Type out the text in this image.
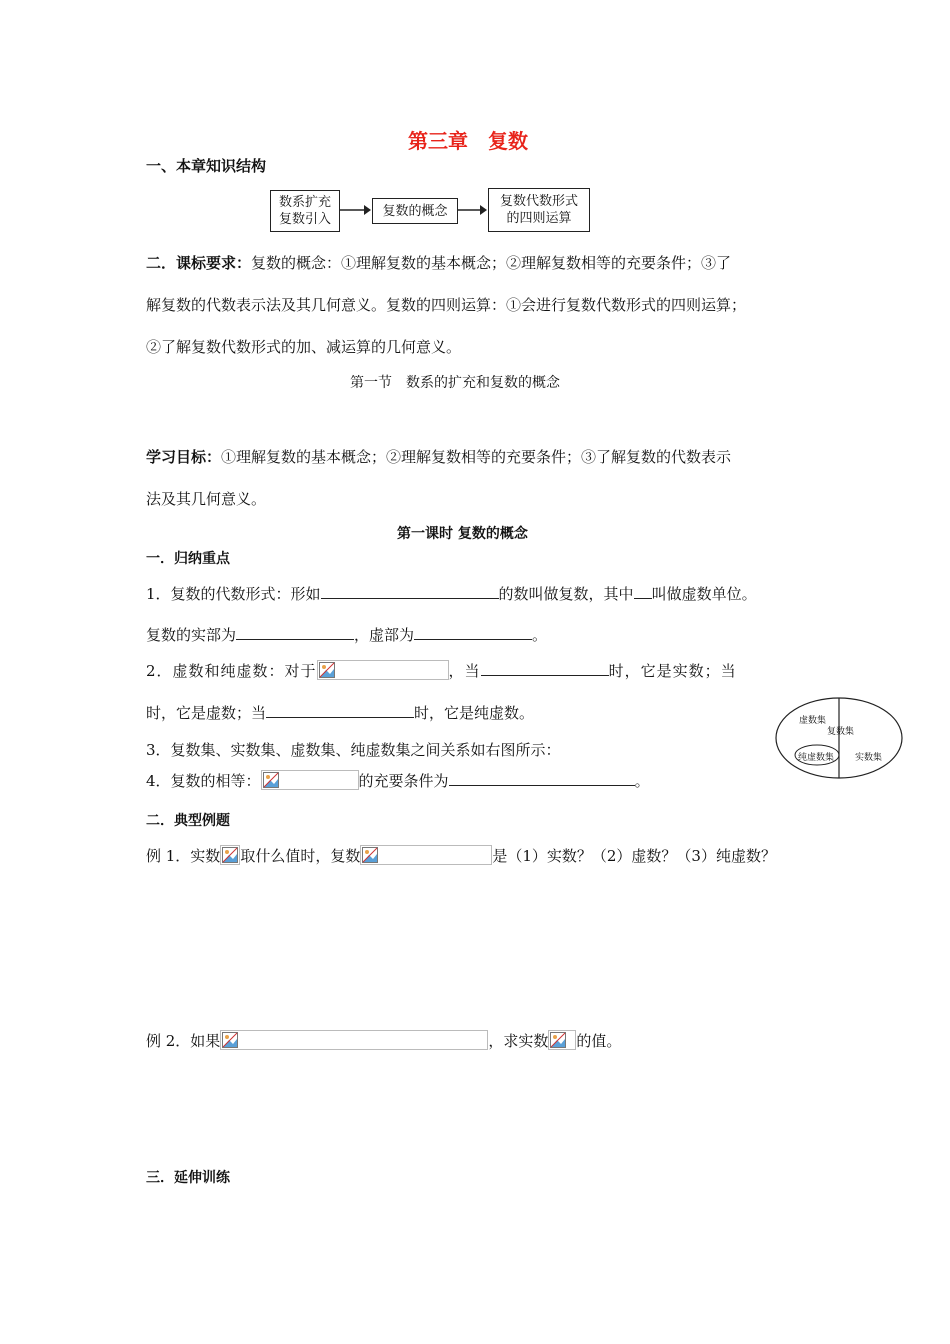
第三章　复数
一、本章知识结构
数系扩充
复数引入
复数的概念
复数代数形式
的四则运算
二．课标要求：复数的概念：①理解复数的基本概念；②理解复数相等的充要条件；③了
解复数的代数表示法及其几何意义。复数的四则运算：①会进行复数代数形式的四则运算；
②了解复数代数形式的加、减运算的几何意义。
第一节　数系的扩充和复数的概念
学习目标：①理解复数的基本概念；②理解复数相等的充要条件；③了解复数的代数表示
法及其几何意义。
第一课时 复数的概念
一．归纳重点
1．复数的代数形式：形如	的数叫做复数，其中 叫做虚数单位。
复数的实部为	，虚部为	。
2．虚数和纯虚数：对于	，当	时，它是实数；当
时，它是虚数；当	时，它是纯虚数。
3．复数集、实数集、虚数集、纯虚数集之间关系如右图所示：
4．复数的相等：	的充要条件为	。
虚数集
复数集
纯虚数集 实数集
二．典型例题
例 1．实数 取什么值时，复数	是（1）实数？（2）虚数？（3）纯虚数？
例 2．如果	，求实数 的值。
三．延伸训练
